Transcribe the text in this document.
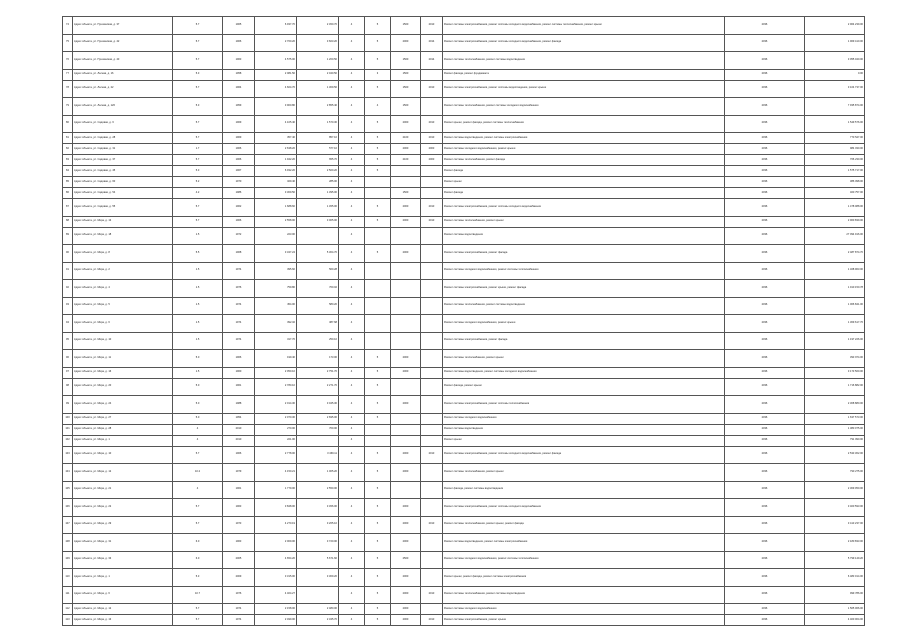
74	Адрес объекта, ул. Пушкинская, д. 37	5.7	1965	6 937.70	2 450.70	4	5	1500	2013	Ремонт системы электроснабжения, ремонт системы холодного водоснабжения, ремонт системы теплоснабжения, ремонт крыши	2036	2 964 239.00
75	Адрес объекта, ул. Пушкинская, д. 42	5.7	1966	2 760.20	3 603.20	4	5	2000	2014	Ремонт системы электроснабжения, ремонт системы холодного водоснабжения, ремонт фасада	2036	1 969 410.00
76	Адрес объекта, ул. Пушкинская, д. 43	5.7	1963	4 575.00	1 200.50	4	5	1500	2014	Ремонт системы теплоснабжения, ремонт системы водоотведения	2036	3 055 040.00
77	Адрес объекта, ул. Лесная, д. 16	5.3	1958	2 081.50	2 040.50	4	3	1500		Ремонт фасада, ремонт фундамента	2036	0.00
78	Адрес объекта, ул. Лесная, д. 22	5.7	1964	4 604.70	1 309.50	4	5	1500	2013	Ремонт системы электроснабжения, ремонт системы водоотведения, ремонт крыши	2036	3 104 737.00
79	Адрес объекта, ул. Лесная, д. 126	5.3	1959	3 900.80	2 855.40	4	4	1500		Ремонт системы теплоснабжения, ремонт системы холодного водоснабжения	2036	7 935 874.00
80	Адрес объекта, ул. Садовая, д. 6	5.7	1969	4 105.40	1 570.30	4	5	2000	2013	Ремонт крыши, ремонт фасада, ремонт системы теплоснабжения	2036	1 549 576.00
81	Адрес объекта, ул. Садовая, д. 28	5.7	1969	357.40	857.10	4	5	2100	2013	Ремонт системы водоотведения, ремонт системы электроснабжения	2036	770 547.00
82	Адрес объекта, ул. Садовая, д. 31	1.7	1966	2 638.20	577.10	4	5	2000	2003	Ремонт системы холодного водоснабжения, ремонт крыши	2036	984 030.00
83	Адрес объекта, ул. Садовая, д. 37	5.7	1966	1 942.20	655.70	4	5	2100	2003	Ремонт системы теплоснабжения, ремонт фасада	2036	766 230.00
84	Адрес объекта, ул. Садовая, д. 45	5.3	1967	6 932.20	2 500.20	4	5			Ремонт фасада	2036	1 575 717.00
85	Адрес объекта, ул. Садовая, д. 60	5.2	1970	329.40	285.00	4				Ремонт крыши	2036	386 098.00
86	Адрес объекта, ул. Садовая, д. 54	4.2	1986	3 309.50	1 395.00	4		1500		Ремонт фасада	2036	460 757.00
87	Адрес объекта, ул. Садовая, д. 55	5.7	1962	1 688.60	1 455.00	4	5	2000	2013	Ремонт системы электроснабжения, ремонт системы холодного водоснабжения	2036	1 478 088.00
88	Адрес объекта, ул. Мира, д. 13	5.7	1966	2 558.00	3 005.00	4	5	2000	2013	Ремонт системы теплоснабжения, ремонт крыши	2036	2 960 839.00
89	Адрес объекта, ул. Мира, д. 18	1.5	1972	223.00		4				Ремонт системы водоотведения	2036	27 094 916.00
90	Адрес объекта, ул. Мира, д. 8	5.5	1968	3 347.24	5 304.70	4	5	2000		Ремонт системы электроснабжения, ремонт фасада	2036	2 487 874.70
91	Адрес объекта, ул. Мира, д. 2	1.5	1974	395.60	560.28	4				Ремонт системы холодного водоснабжения, ремонт системы теплоснабжения	2036	1 328 963.00
92	Адрес объекта, ул. Мира, д. 4	1.5	1976	759.80	760.02	4				Ремонт системы электроснабжения, ремонт крыши, ремонт фасада	2036	1 910 150.78
93	Адрес объекта, ул. Мира, д. 5	1.5	1974	454.00	580.20	4				Ремонт системы теплоснабжения, ремонт системы водоотведения	2036	1 066 841.00
94	Адрес объекта, ул. Мира, д. 6	1.5	1974	392.32	387.68	4				Ремонт системы холодного водоснабжения, ремонт крыши	2036	1 369 617.76
95	Адрес объекта, ул. Мира, д. 10	1.5	1974	317.70	250.10	4				Ремонт системы электроснабжения, ремонт фасада	2036	1 197 226.00
96	Адрес объекта, ул. Мира, д. 11	5.0	1966	199.40	173.00	4	5	2000		Ремонт системы теплоснабжения, ремонт крыши	2036	393 974.00
97	Адрес объекта, ул. Мира, д. 16	1.5	1960	2 050.10	2 751.70	4	5	2000		Ремонт системы водоотведения, ремонт системы холодного водоснабжения	2036	3 173 560.00
98	Адрес объекта, ул. Мира, д. 20	5.0	1961	2 780.10	2 271.70	4	5			Ремонт фасада, ремонт крыши	2036	1 716 882.00
99	Адрес объекта, ул. Мира, д. 24	5.0	1988	2 014.30	3 045.30	4	5	2000		Ремонт системы электроснабжения, ремонт системы теплоснабжения	2036	2 308 880.00
100	Адрес объекта, ул. Мира, д. 27	5.0	1954	2 070.30	2 695.00	4	5			Ремонт системы холодного водоснабжения	2036	1 637 573.00
101	Адрес объекта, ул. Мира, д. 28	4	2010	270.00	700.00	4				Ремонт системы водоотведения	2036	1 380 075.00
102	Адрес объекта, ул. Мира, д. 1	4	2010	221.00		4				Ремонт крыши	2036	791 090.00
103	Адрес объекта, ул. Мира, д. 10	5.7	1966	2 778.00	3 469.11	4	5	2000	2013	Ремонт системы электроснабжения, ремонт системы холодного водоснабжения, ремонт фасада	2036	2 533 362.00
104	Адрес объекта, ул. Мира, д. 12	10.2	1979	4 150.21	1 005.20	4	5	2000		Ремонт системы теплоснабжения, ремонт крыши	2036	790 275.00
105	Адрес объекта, ул. Мира, д. 21	4	1961	1 779.00	2 550.00	4	5			Ремонт фасада, ремонт системы водоотведения	2036	2 309 050.00
106	Адрес объекта, ул. Мира, д. 22	5.7	1963	3 848.00	3 456.00	4	5	2000		Ремонт системы электроснабжения, ремонт системы холодного водоснабжения	2036	3 400 593.00
107	Адрес объекта, ул. Мира, д. 29	5.7	1973	4 270.19	3 265.10	4	5	2000	2013	Ремонт системы теплоснабжения, ремонт крыши, ремонт фасада	2036	3 413 237.00
108	Адрес объекта, ул. Мира, д. 31	6.0	1963	2 009.00	3 720.00	4	5	2000		Ремонт системы водоотведения, ремонт системы электроснабжения	2036	2 180 833.00
109	Адрес объекта, ул. Мира, д. 33	6.0	2005	4 654.20	5 671.60	4	5	2500		Ремонт системы холодного водоснабжения, ремонт системы теплоснабжения	2036	5 799 149.20
110	Адрес объекта, ул. Мира, д. 1	5.3	2009	3 315.00	3 309.20	4	5	2000		Ремонт крыши, ремонт фасада, ремонт системы электроснабжения	2036	6 483 014.00
111	Адрес объекта, ул. Мира, д. 6	10.7	1976	4 404.27		4	5	2000	2013	Ремонт системы теплоснабжения, ремонт системы водоотведения	2036	999 786.00
112	Адрес объекта, ул. Мира, д. 12	5.7	1974	2 158.00	2 480.00	4	5	2000		Ремонт системы холодного водоснабжения	2036	1 565 066.00
113	Адрес объекта, ул. Мира, д. 13	5.7	1974	2 499.00	2 345.70	4	5	2000	2013	Ремонт системы электроснабжения, ремонт крыши	2036	4 400 004.00
